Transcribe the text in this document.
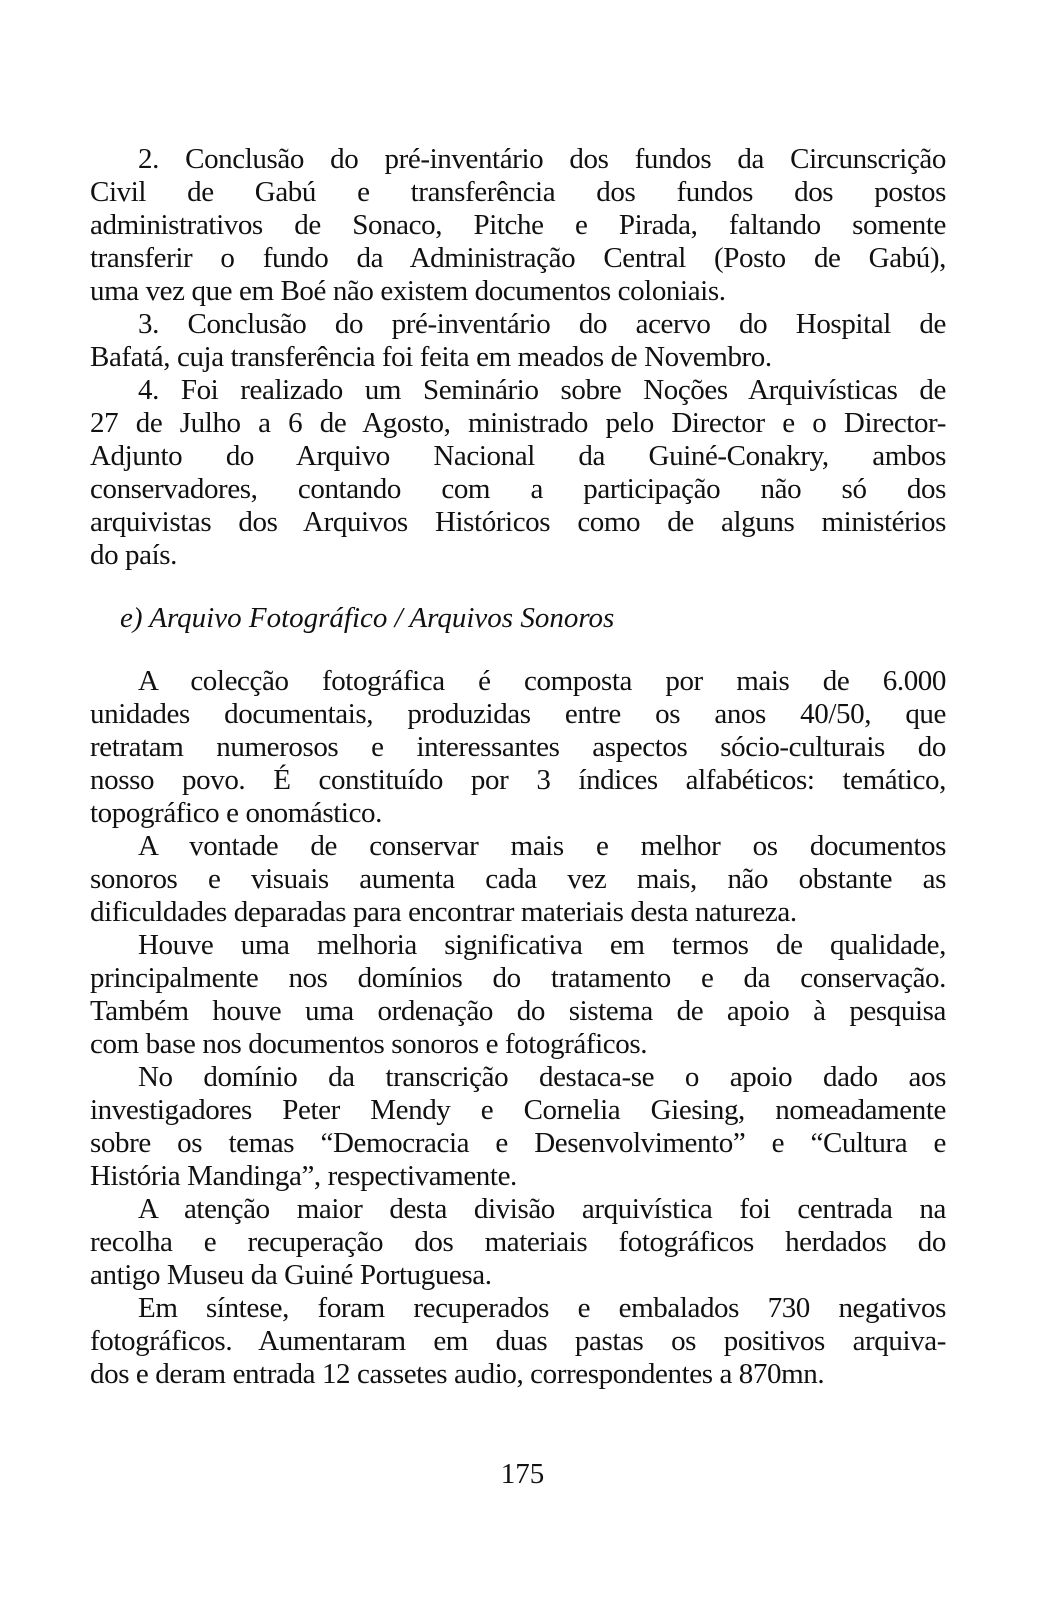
2. Conclusão do pré-inventário dos fundos da Circunscrição
Civil de Gabú e transferência dos fundos dos postos
administrativos de Sonaco, Pitche e Pirada, faltando somente
transferir o fundo da Administração Central (Posto de Gabú),
uma vez que em Boé não existem documentos coloniais.
3. Conclusão do pré-inventário do acervo do Hospital de
Bafatá, cuja transferência foi feita em meados de Novembro.
4. Foi realizado um Seminário sobre Noções Arquivísticas de
27 de Julho a 6 de Agosto, ministrado pelo Director e o Director-
Adjunto do Arquivo Nacional da Guiné-Conakry, ambos
conservadores, contando com a participação não só dos
arquivistas dos Arquivos Históricos como de alguns ministérios
do país.
e) Arquivo Fotográfico / Arquivos Sonoros
A colecção fotográfica é composta por mais de 6.000
unidades documentais, produzidas entre os anos 40/50, que
retratam numerosos e interessantes aspectos sócio-culturais do
nosso povo. É constituído por 3 índices alfabéticos: temático,
topográfico e onomástico.
A vontade de conservar mais e melhor os documentos
sonoros e visuais aumenta cada vez mais, não obstante as
dificuldades deparadas para encontrar materiais desta natureza.
Houve uma melhoria significativa em termos de qualidade,
principalmente nos domínios do tratamento e da conservação.
Também houve uma ordenação do sistema de apoio à pesquisa
com base nos documentos sonoros e fotográficos.
No domínio da transcrição destaca-se o apoio dado aos
investigadores Peter Mendy e Cornelia Giesing, nomeadamente
sobre os temas “Democracia e Desenvolvimento” e “Cultura e
História Mandinga”, respectivamente.
A atenção maior desta divisão arquivística foi centrada na
recolha e recuperação dos materiais fotográficos herdados do
antigo Museu da Guiné Portuguesa.
Em síntese, foram recuperados e embalados 730 negativos
fotográficos. Aumentaram em duas pastas os positivos arquiva-
dos e deram entrada 12 cassetes audio, correspondentes a 870mn.
175
